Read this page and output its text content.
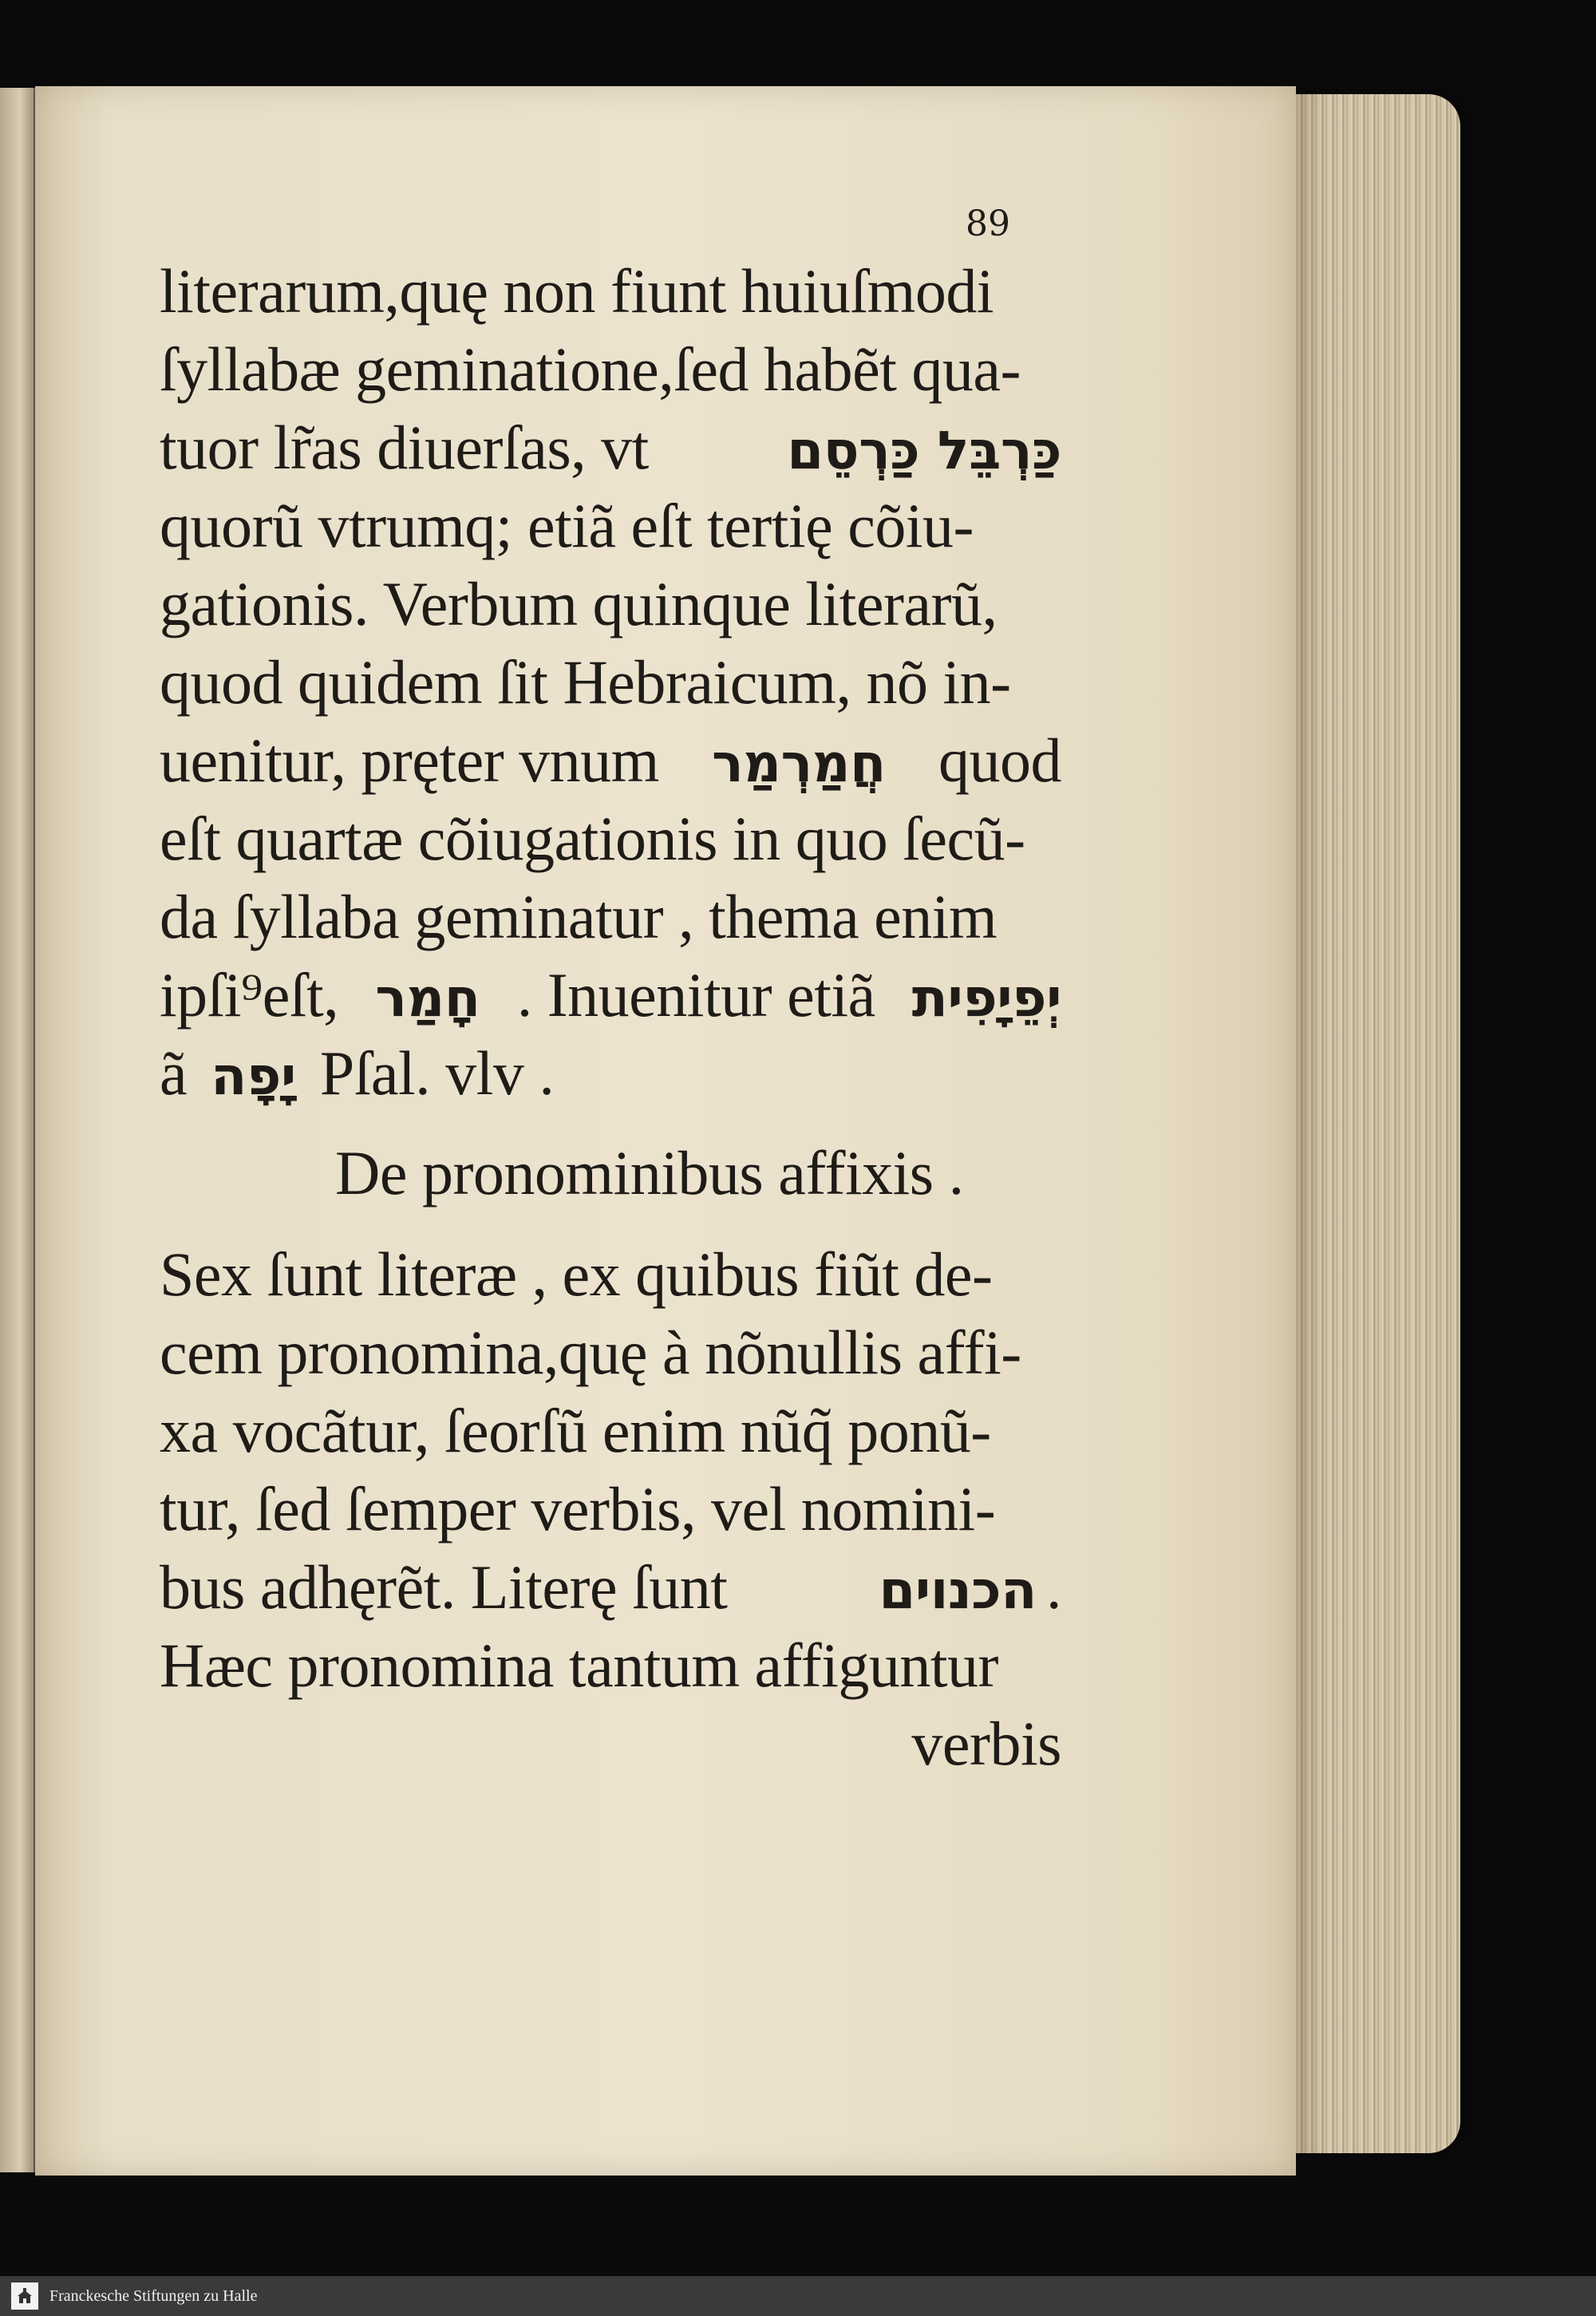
89
literarum,quę non fiunt huiuſmodi
ſyllabæ geminatione,ſed habẽt qua-
tuor lr̃as diuerſas, vt	כַּרְבֵּל כַּרְסֵם
quorũ vtrumq; etiã eſt tertię cõiu-
gationis. Verbum quinque literarũ,
quod quidem ſit Hebraicum, nõ in-
uenitur, pręter vnum חֲמַרְמַר quod
eſt quartæ cõiugationis in quo ſecũ-
da ſyllaba geminatur , thema enim
ipſi⁹eſt, חָמַר . Inuenitur etiã יְפֵיָפִית
ã יָפָה Pſal. vlv .
De pronominibus affixis .
Sex ſunt literæ , ex quibus fiũt de-
cem pronomina,quę à nõnullis affi-
xa vocãtur, ſeorſũ enim nũq̃ ponũ-
tur, ſed ſemper verbis, vel nomini-
bus adhęrẽt. Literę ſunt	הכנוים .
Hæc pronomina tantum affiguntur
verbis
Franckesche Stiftungen zu Halle
